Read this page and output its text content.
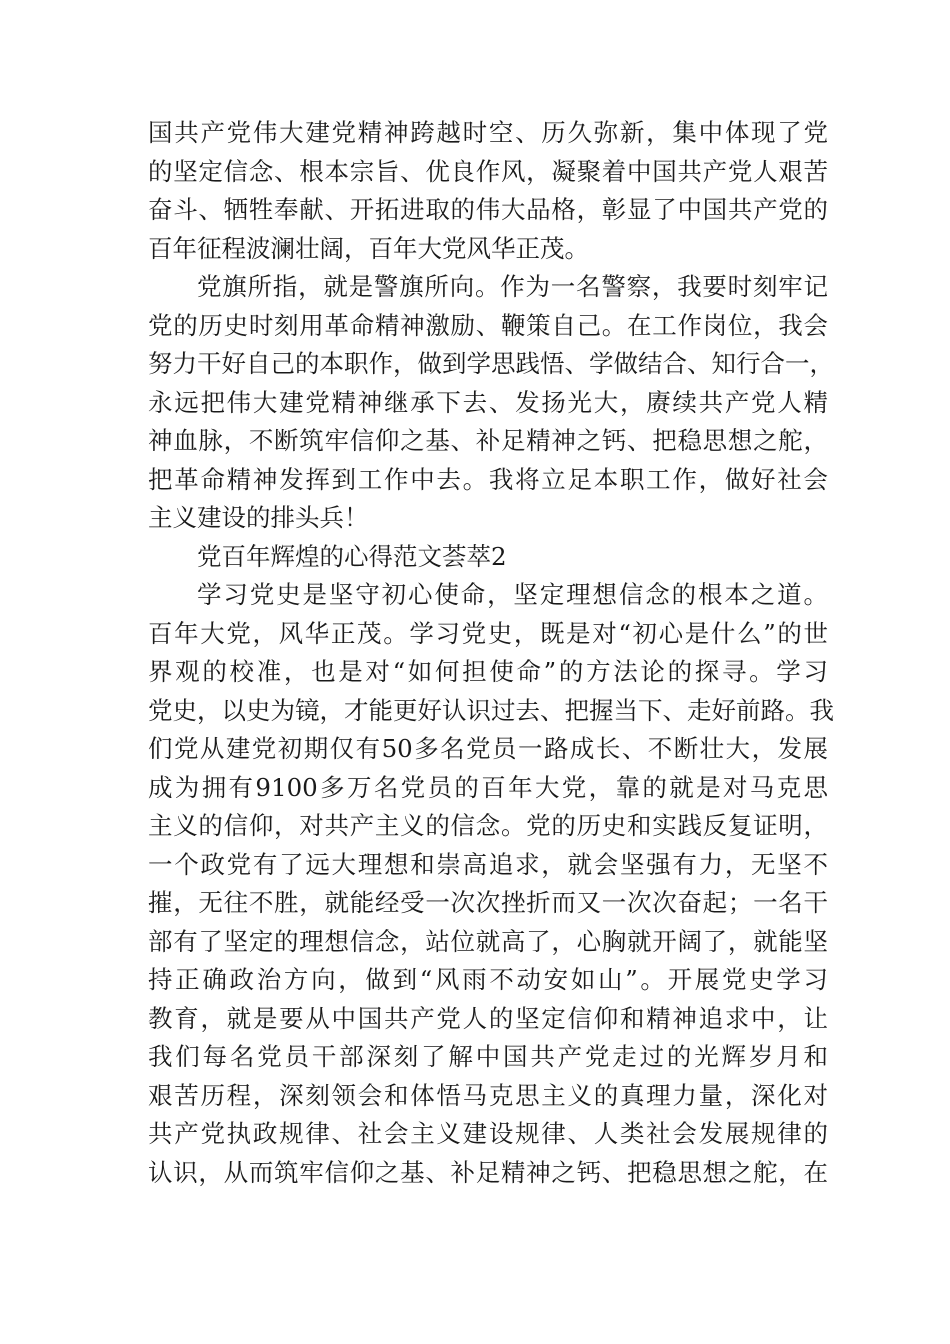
国共产党伟大建党精神跨越时空、历久弥新，集中体现了党
的坚定信念、根本宗旨、优良作风，凝聚着中国共产党人艰苦
奋斗、牺牲奉献、开拓进取的伟大品格，彰显了中国共产党的
百年征程波澜壮阔，百年大党风华正茂。
党旗所指，就是警旗所向。作为一名警察，我要时刻牢记
党的历史时刻用革命精神激励、鞭策自己。在工作岗位，我会
努力干好自己的本职作，做到学思践悟、学做结合、知行合一，
永远把伟大建党精神继承下去、发扬光大，赓续共产党人精
神血脉，不断筑牢信仰之基、补足精神之钙、把稳思想之舵，
把革命精神发挥到工作中去。我将立足本职工作，做好社会
主义建设的排头兵！
党百年辉煌的心得范文荟萃2
学习党史是坚守初心使命，坚定理想信念的根本之道。
百年大党，风华正茂。学习党史，既是对“初心是什么”的世
界观的校准，也是对“如何担使命”的方法论的探寻。学习
党史，以史为镜，才能更好认识过去、把握当下、走好前路。我
们党从建党初期仅有50多名党员一路成长、不断壮大，发展
成为拥有9100多万名党员的百年大党，靠的就是对马克思
主义的信仰，对共产主义的信念。党的历史和实践反复证明，
一个政党有了远大理想和崇高追求，就会坚强有力，无坚不
摧，无往不胜，就能经受一次次挫折而又一次次奋起；一名干
部有了坚定的理想信念，站位就高了，心胸就开阔了，就能坚
持正确政治方向，做到“风雨不动安如山”。开展党史学习
教育，就是要从中国共产党人的坚定信仰和精神追求中，让
我们每名党员干部深刻了解中国共产党走过的光辉岁月和
艰苦历程，深刻领会和体悟马克思主义的真理力量，深化对
共产党执政规律、社会主义建设规律、人类社会发展规律的
认识，从而筑牢信仰之基、补足精神之钙、把稳思想之舵，在
